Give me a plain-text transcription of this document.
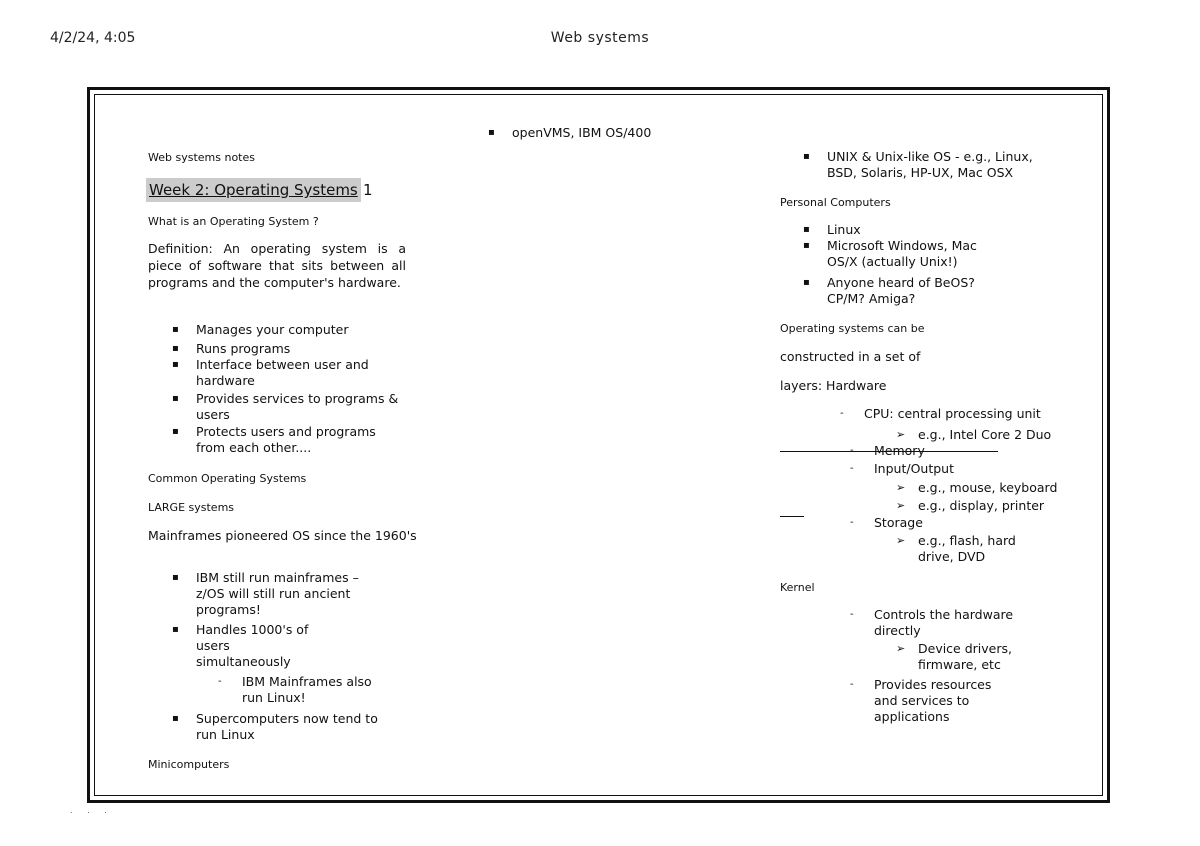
4/2/24, 4:05	Web systems
Web systems notes
Week 2: Operating Systems 1
What is an Operating System ?
Definition: An operating system is a piece of software that sits between all programs and the computer's hardware.
▪ Manages your computer
▪ Runs programs
▪ Interface between user and hardware
▪ Provides services to programs & users
▪ Protects users and programs from each other....
Common Operating Systems
LARGE systems
Mainframes pioneered OS since the 1960's
▪ IBM still run mainframes – z/OS will still run ancient programs!
▪ Handles 1000's of users simultaneously
- IBM Mainframes also run Linux!
▪ Supercomputers now tend to run Linux
Minicomputers
▪ openVMS, IBM OS/400
▪ UNIX & Unix-like OS - e.g., Linux, BSD, Solaris, HP-UX, Mac OSX
Personal Computers
▪ Linux
▪ Microsoft Windows, Mac OS/X (actually Unix!)
▪ Anyone heard of BeOS? CP/M? Amiga?
Operating systems can be
constructed in a set of
layers: Hardware
- CPU: central processing unit
➢ e.g., Intel Core 2 Duo
- Memory
- Input/Output
➢ e.g., mouse, keyboard
➢ e.g., display, printer
- Storage
➢ e.g., flash, hard drive, DVD
Kernel
- Controls the hardware directly
➢ Device drivers, firmware, etc
- Provides resources and services to applications
. . .
